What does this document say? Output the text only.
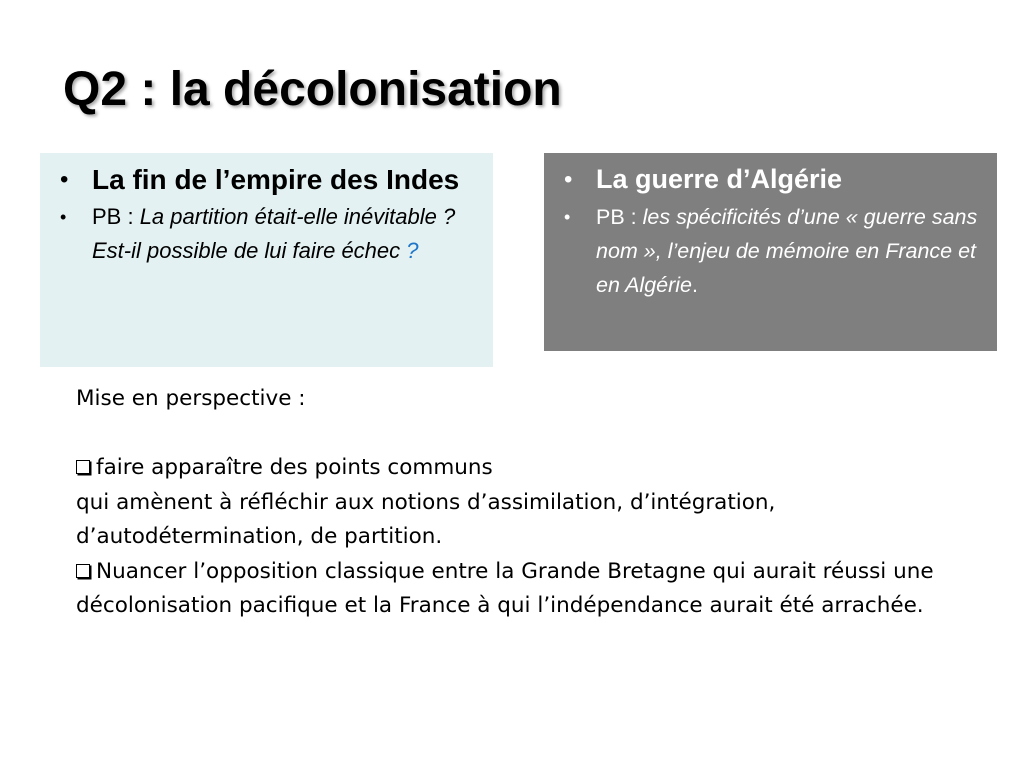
Q2 : la décolonisation
• La fin de l’empire des Indes
•	PB : La partition était-elle inévitable ? Est-il possible de lui faire échec ?
• La guerre d’Algérie
•	PB : les spécificités d’une « guerre sans nom », l’enjeu de mémoire en France et en Algérie.

Mise en perspective :

faire apparaître des points communs

qui amènent à réfléchir aux notions d’assimilation, d’intégration, d’autodétermination, de partition.

Nuancer l’opposition classique entre la Grande Bretagne qui aurait réussi une décolonisation pacifique et la France à qui l’indépendance aurait été arrachée.
